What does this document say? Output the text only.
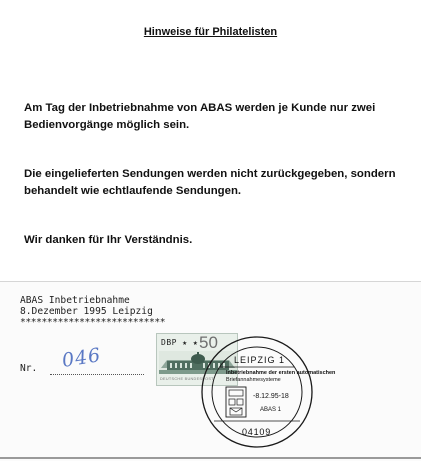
Hinweise für Philatelisten
Am Tag der Inbetriebnahme von ABAS werden je Kunde nur zwei Bedienvorgänge möglich sein.
Die eingelieferten Sendungen werden nicht zurückgegeben, sondern behandelt wie echtlaufende Sendungen.
Wir danken für Ihr Verständnis.
ABAS Inbetriebnahme
8.Dezember 1995 Leipzig
***************************
Nr. 046
DBP ★ ★ 50
DEUTSCHE BUNDESPOST
LEIPZIG 1
Inbetriebnahme der ersten automatischen
Briefannahmesysteme
-8.12.95-18
ABAS 1
04109
